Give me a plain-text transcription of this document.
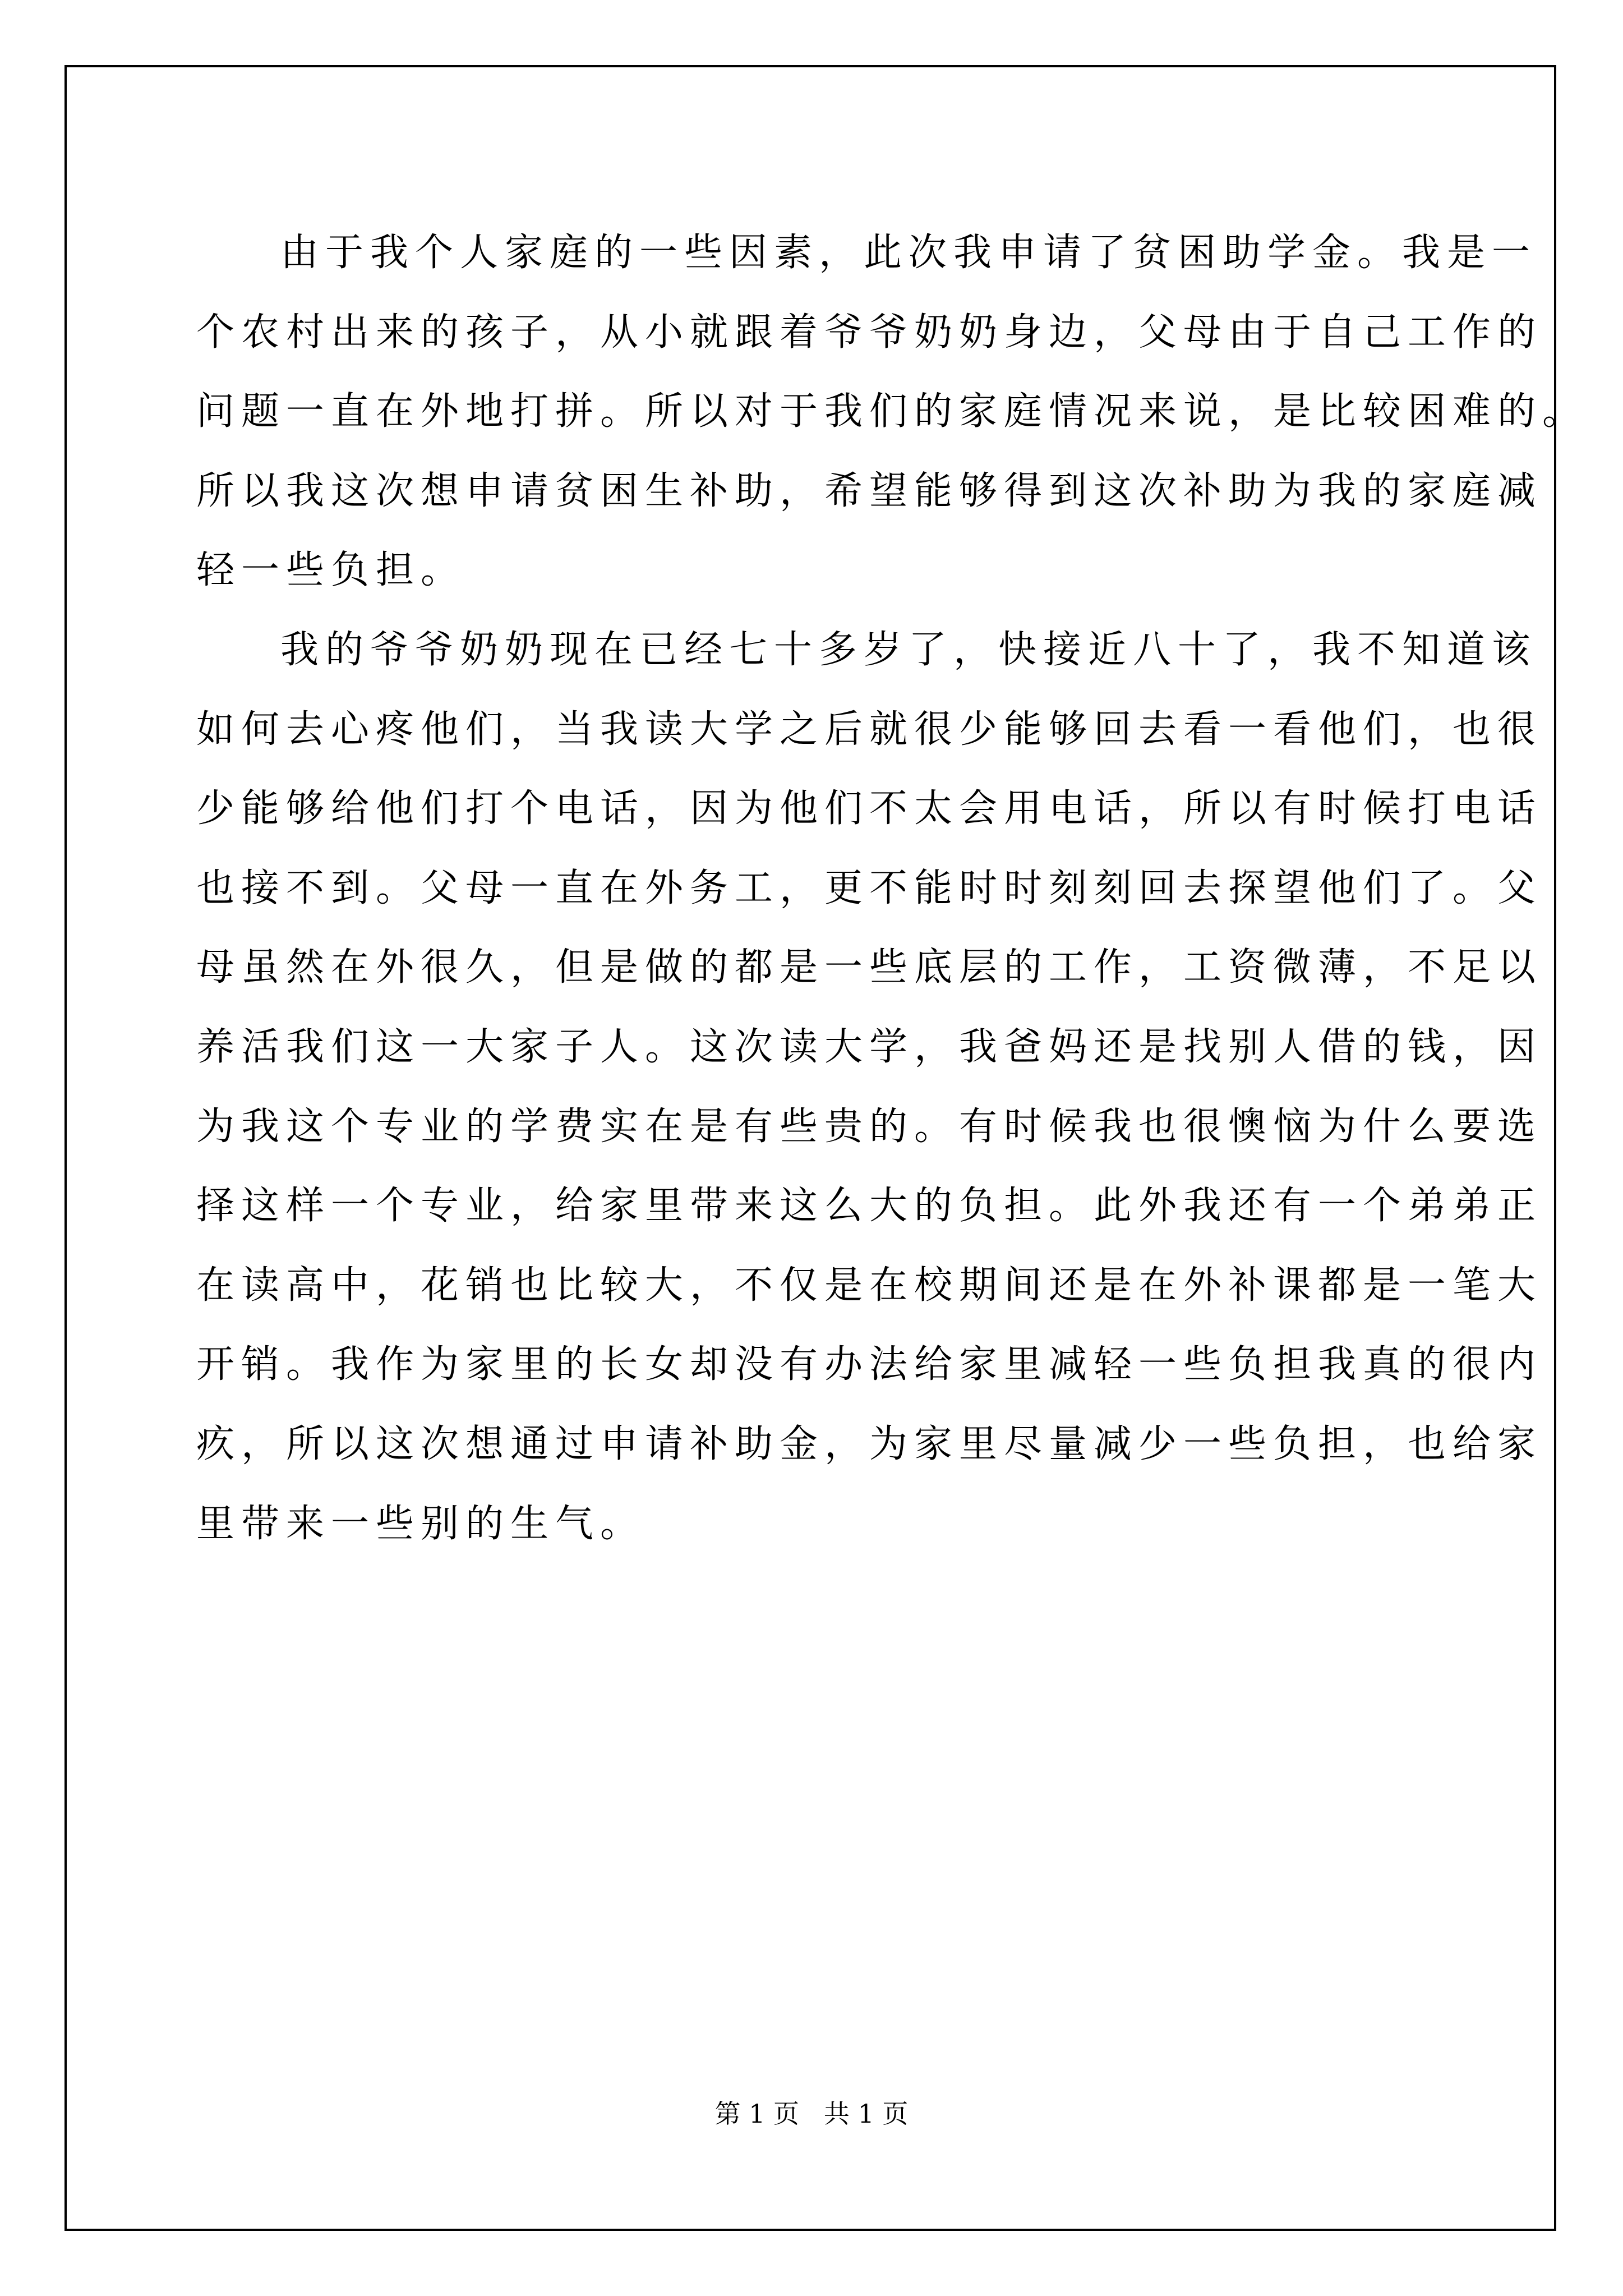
由于我个人家庭的一些因素，此次我申请了贫困助学金。我是一
个农村出来的孩子，从小就跟着爷爷奶奶身边，父母由于自己工作的
问题一直在外地打拼。所以对于我们的家庭情况来说，是比较困难的。
所以我这次想申请贫困生补助，希望能够得到这次补助为我的家庭减
轻一些负担。
我的爷爷奶奶现在已经七十多岁了，快接近八十了，我不知道该
如何去心疼他们，当我读大学之后就很少能够回去看一看他们，也很
少能够给他们打个电话，因为他们不太会用电话，所以有时候打电话
也接不到。父母一直在外务工，更不能时时刻刻回去探望他们了。父
母虽然在外很久，但是做的都是一些底层的工作，工资微薄，不足以
养活我们这一大家子人。这次读大学，我爸妈还是找别人借的钱，因
为我这个专业的学费实在是有些贵的。有时候我也很懊恼为什么要选
择这样一个专业，给家里带来这么大的负担。此外我还有一个弟弟正
在读高中，花销也比较大，不仅是在校期间还是在外补课都是一笔大
开销。我作为家里的长女却没有办法给家里减轻一些负担我真的很内
疚，所以这次想通过申请补助金，为家里尽量减少一些负担，也给家
里带来一些别的生气。
第 1 页   共 1 页
